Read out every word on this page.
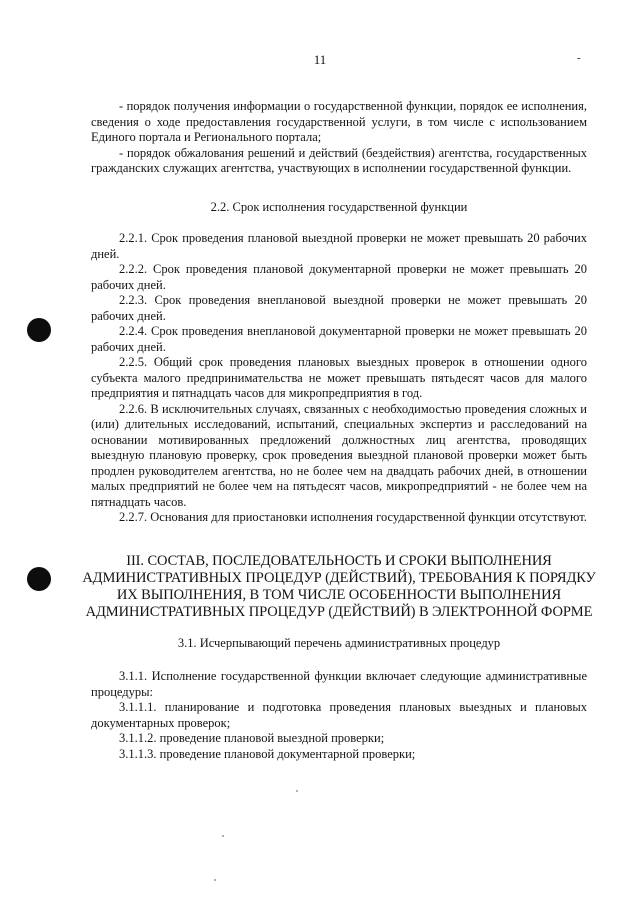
11	-

- порядок получения информации о государственной функции, порядок ее исполнения, сведения о ходе предоставления государственной услуги, в том числе с использованием Единого портала и Регионального портала;

- порядок обжалования решений и действий (бездействия) агентства, государственных гражданских служащих агентства, участвующих в исполнении государственной функции.

2.2. Срок исполнения государственной функции

2.2.1. Срок проведения плановой выездной проверки не может превышать 20 рабочих дней.

2.2.2. Срок проведения плановой документарной проверки не может превышать 20 рабочих дней.

2.2.3. Срок проведения внеплановой выездной проверки не может превышать 20 рабочих дней.

2.2.4. Срок проведения внеплановой документарной проверки не может превышать 20 рабочих дней.

2.2.5. Общий срок проведения плановых выездных проверок в отношении одного субъекта малого предпринимательства не может превышать пятьдесят часов для малого предприятия и пятнадцать часов для микропредприятия в год.

2.2.6. В исключительных случаях, связанных с необходимостью проведения сложных и (или) длительных исследований, испытаний, специальных экспертиз и расследований на основании мотивированных предложений должностных лиц агентства, проводящих выездную плановую проверку, срок проведения выездной плановой проверки может быть продлен руководителем агентства, но не более чем на двадцать рабочих дней, в отношении малых предприятий не более чем на пятьдесят часов, микропредприятий - не более чем на пятнадцать часов.

2.2.7. Основания для приостановки исполнения государственной функции отсутствуют.

III. СОСТАВ, ПОСЛЕДОВАТЕЛЬНОСТЬ И СРОКИ ВЫПОЛНЕНИЯ

АДМИНИСТРАТИВНЫХ ПРОЦЕДУР (ДЕЙСТВИЙ), ТРЕБОВАНИЯ К ПОРЯДКУ

ИХ ВЫПОЛНЕНИЯ, В ТОМ ЧИСЛЕ ОСОБЕННОСТИ ВЫПОЛНЕНИЯ

АДМИНИСТРАТИВНЫХ ПРОЦЕДУР (ДЕЙСТВИЙ) В ЭЛЕКТРОННОЙ ФОРМЕ

3.1. Исчерпывающий перечень административных процедур

3.1.1. Исполнение государственной функции включает следующие административные процедуры:

3.1.1.1. планирование и подготовка проведения плановых выездных и плановых документарных проверок;

3.1.1.2. проведение плановой выездной проверки;

3.1.1.3. проведение плановой документарной проверки;
